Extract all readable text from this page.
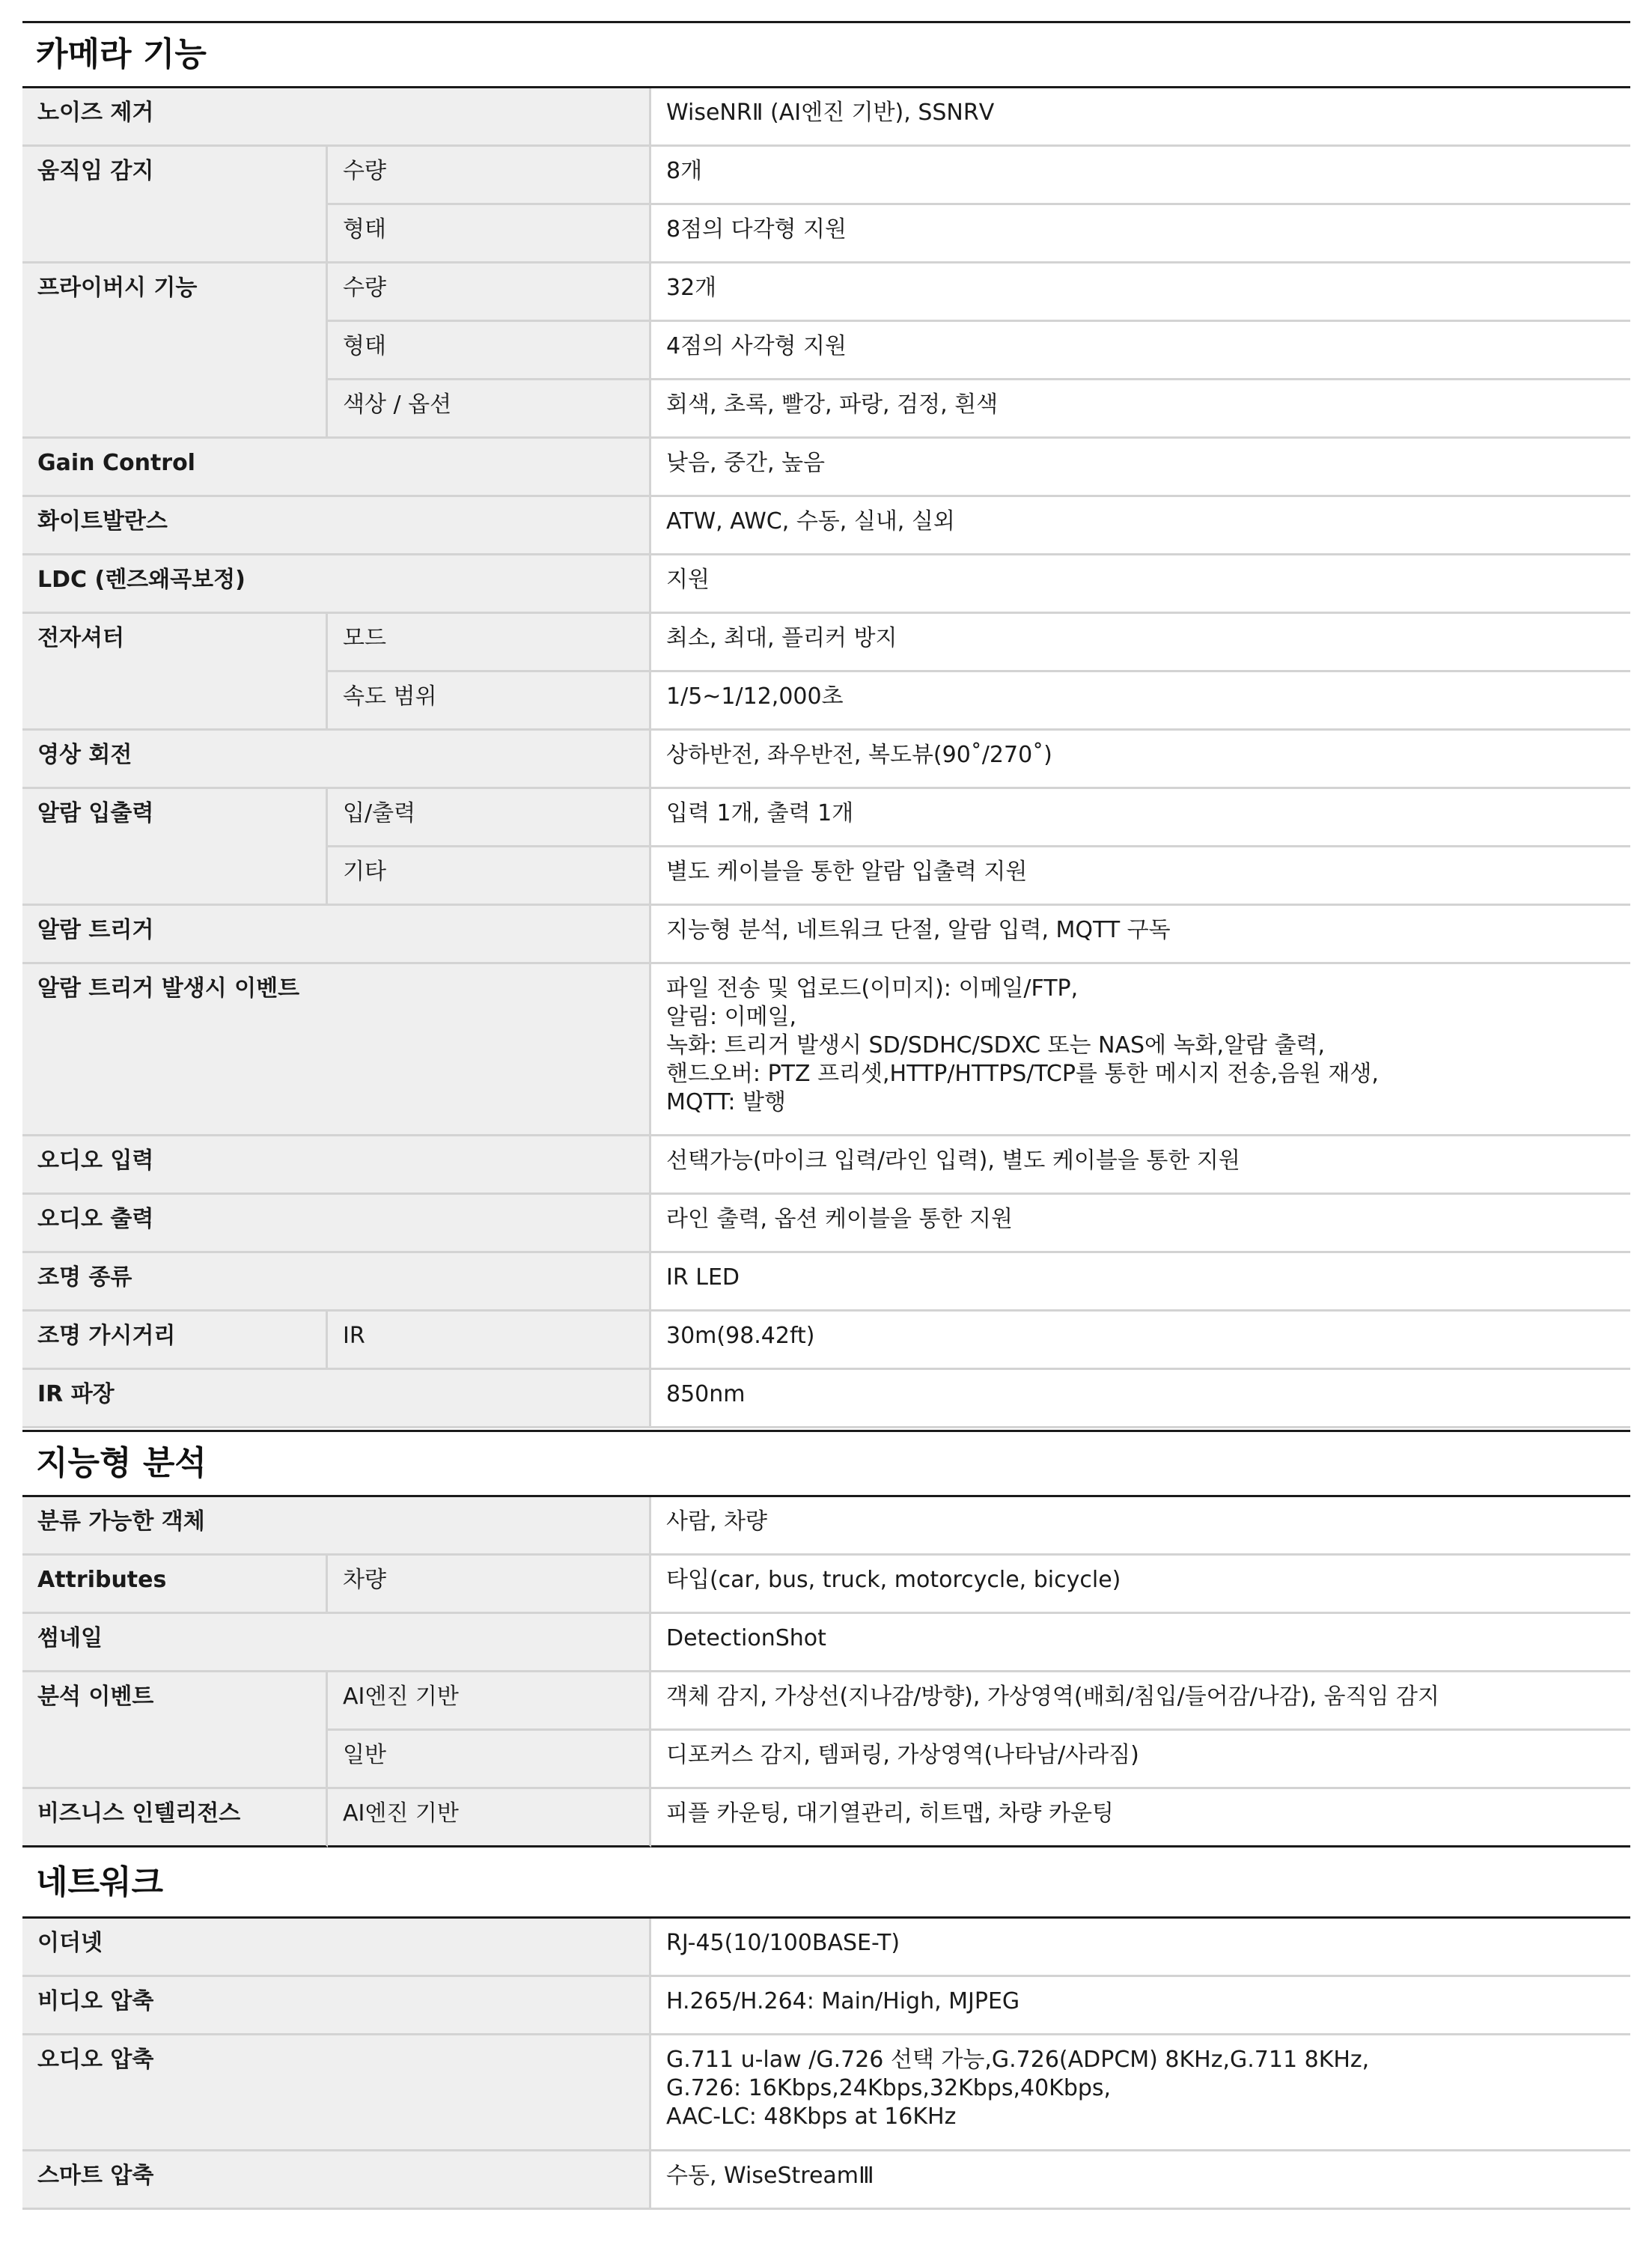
카메라 기능
노이즈 제거	WiseNRⅡ (AI엔진 기반), SSNRⅤ
움직임 감지	수량	8개
형태	8점의 다각형 지원
프라이버시 기능	수량	32개
형태	4점의 사각형 지원
색상 / 옵션	회색, 초록, 빨강, 파랑, 검정, 흰색
Gain Control	낮음, 중간, 높음
화이트발란스	ATW, AWC, 수동, 실내, 실외
LDC (렌즈왜곡보정)	지원
전자셔터	모드	최소, 최대, 플리커 방지
속도 범위	1/5~1/12,000초
영상 회전	상하반전, 좌우반전, 복도뷰(90˚/270˚)
알람 입출력	입/출력	입력 1개, 출력 1개
기타	별도 케이블을 통한 알람 입출력 지원
알람 트리거	지능형 분석, 네트워크 단절, 알람 입력, MQTT 구독
알람 트리거 발생시 이벤트	파일 전송 및 업로드(이미지): 이메일/FTP,
알림: 이메일,
녹화: 트리거 발생시 SD/SDHC/SDXC 또는 NAS에 녹화,알람 출력,
핸드오버: PTZ 프리셋,HTTP/HTTPS/TCP를 통한 메시지 전송,음원 재생,
MQTT: 발행
오디오 입력	선택가능(마이크 입력/라인 입력), 별도 케이블을 통한 지원
오디오 출력	라인 출력, 옵션 케이블을 통한 지원
조명 종류	IR LED
조명 가시거리	IR	30m(98.42ft)
IR 파장	850nm
지능형 분석
분류 가능한 객체	사람, 차량
Attributes	차량	타입(car, bus, truck, motorcycle, bicycle)
썸네일	DetectionShot
분석 이벤트	AI엔진 기반	객체 감지, 가상선(지나감/방향), 가상영역(배회/침입/들어감/나감), 움직임 감지
일반	디포커스 감지, 템퍼링, 가상영역(나타남/사라짐)
비즈니스 인텔리전스	AI엔진 기반	피플 카운팅, 대기열관리, 히트맵, 차량 카운팅
네트워크
이더넷	RJ-45(10/100BASE-T)
비디오 압축	H.265/H.264: Main/High, MJPEG
오디오 압축	G.711 u-law /G.726 선택 가능,G.726(ADPCM) 8KHz,G.711 8KHz,
G.726: 16Kbps,24Kbps,32Kbps,40Kbps,
AAC-LC: 48Kbps at 16KHz
스마트 압축	수동, WiseStreamⅢ
